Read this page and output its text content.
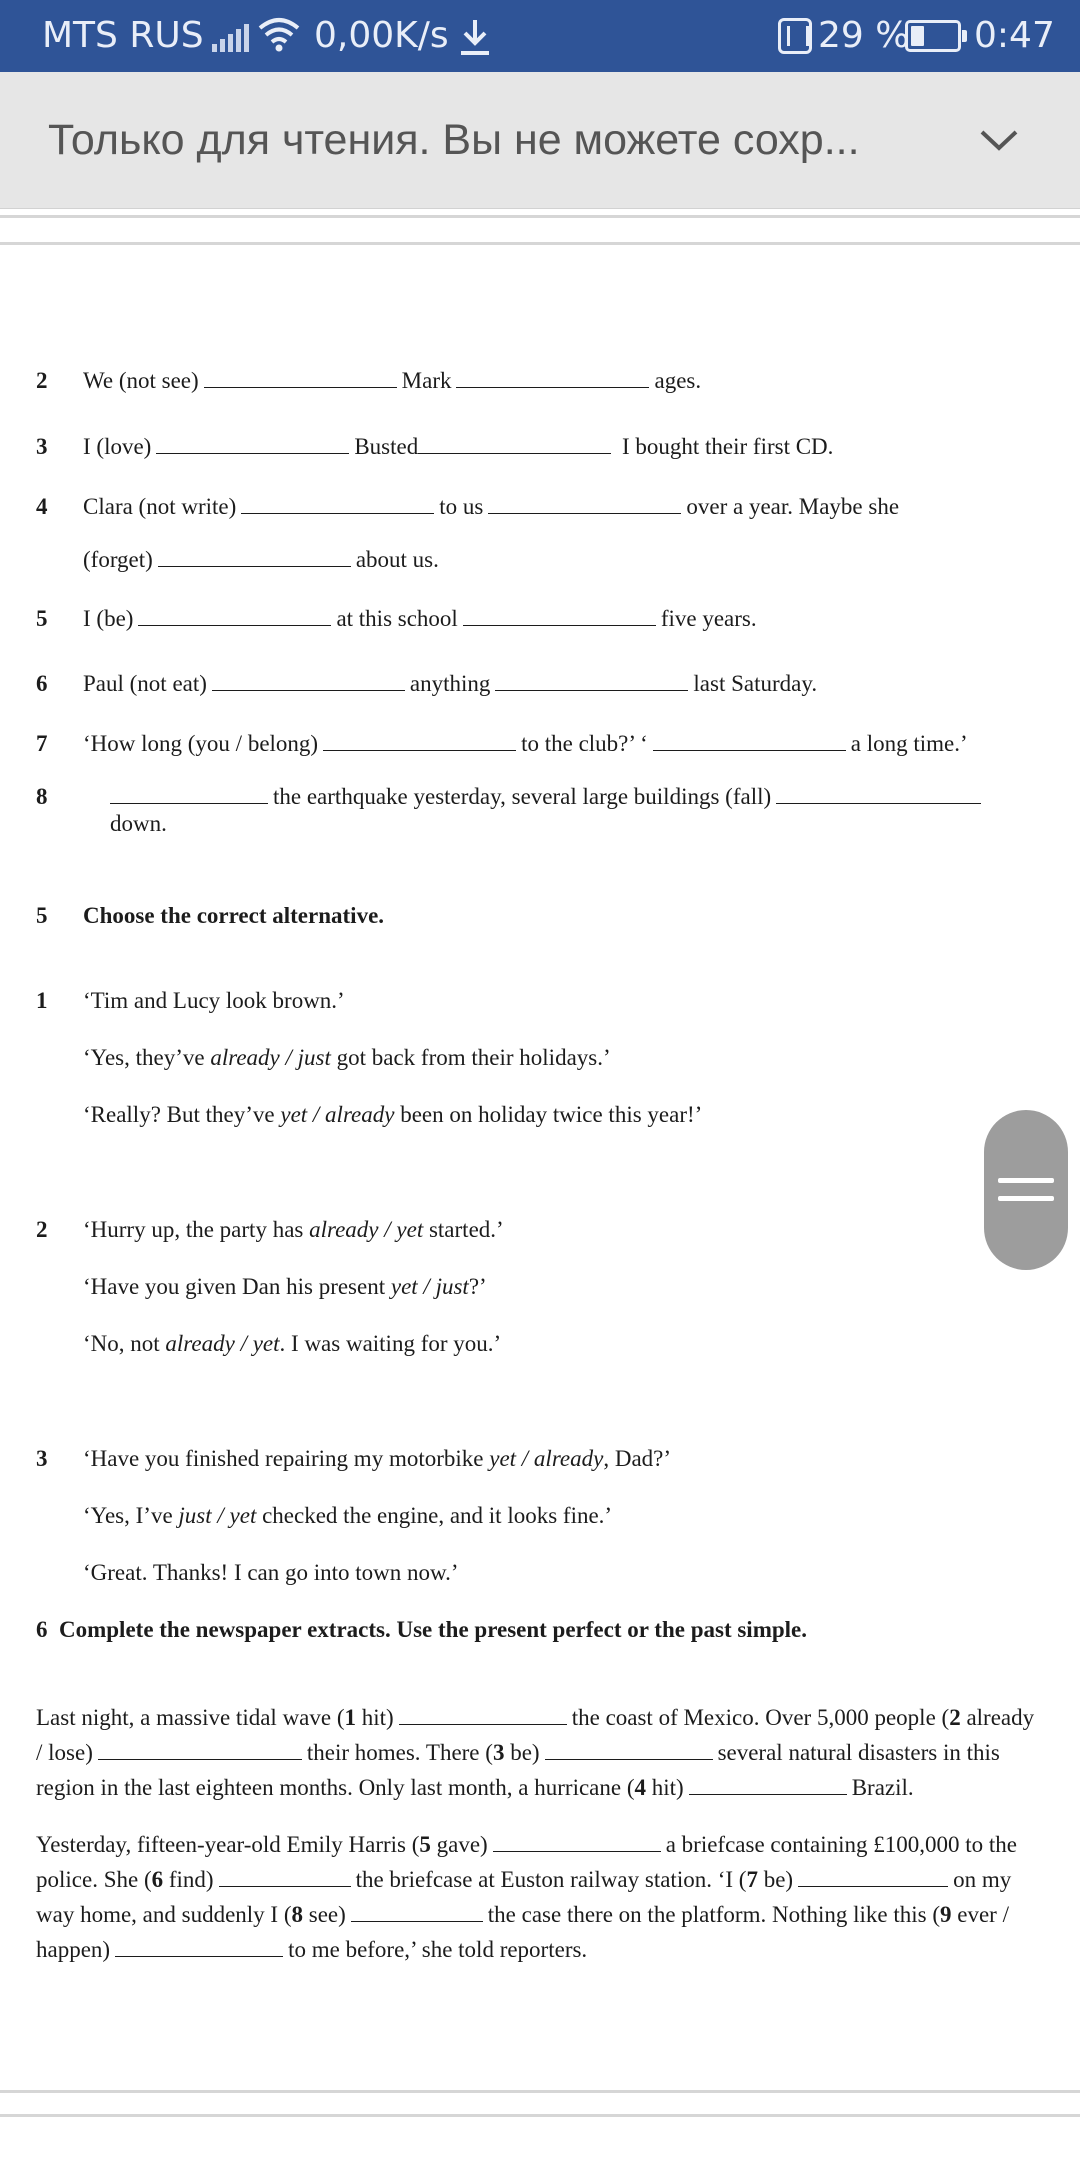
MTS RUS	0,00K/s	29 % 0:47
Только для чтения. Вы не можете сохр...
2 We (not see)	Mark	ages.
3 I (love)	Busted	I bought their first CD.
4 Clara (not write)	to us	over a year. Maybe she
(forget)	about us.
5 I (be)	at this school	five years.
6 Paul (not eat)	anything	last Saturday.
7 ‘How long (you / belong)	to the club?’ ‘	a long time.’
8	the earthquake yesterday, several large buildings (fall)
down.
5 Choose the correct alternative.
1 ‘Tim and Lucy look brown.’
‘Yes, they’ve already / just got back from their holidays.’
‘Really? But they’ve yet / already been on holiday twice this year!’
2 ‘Hurry up, the party has already / yet started.’
‘Have you given Dan his present yet / just?’
‘No, not already / yet. I was waiting for you.’
3 ‘Have you finished repairing my motorbike yet / already, Dad?’
‘Yes, I’ve just / yet checked the engine, and it looks fine.’
‘Great. Thanks! I can go into town now.’
6 Complete the newspaper extracts. Use the present perfect or the past simple.
Last night, a massive tidal wave (1 hit)	the coast of Mexico. Over 5,000 people (2 already / lose)	their homes. There (3 be)	several natural disasters in this region in the last eighteen months. Only last month, a hurricane (4 hit)	Brazil.
Yesterday, fifteen-year-old Emily Harris (5 gave)	a briefcase containing £100,000 to the police. She (6 find)	the briefcase at Euston railway station. ‘I (7 be)	on my way home, and suddenly I (8 see)	the case there on the platform. Nothing like this (9 ever / happen)	to me before,’ she told reporters.
